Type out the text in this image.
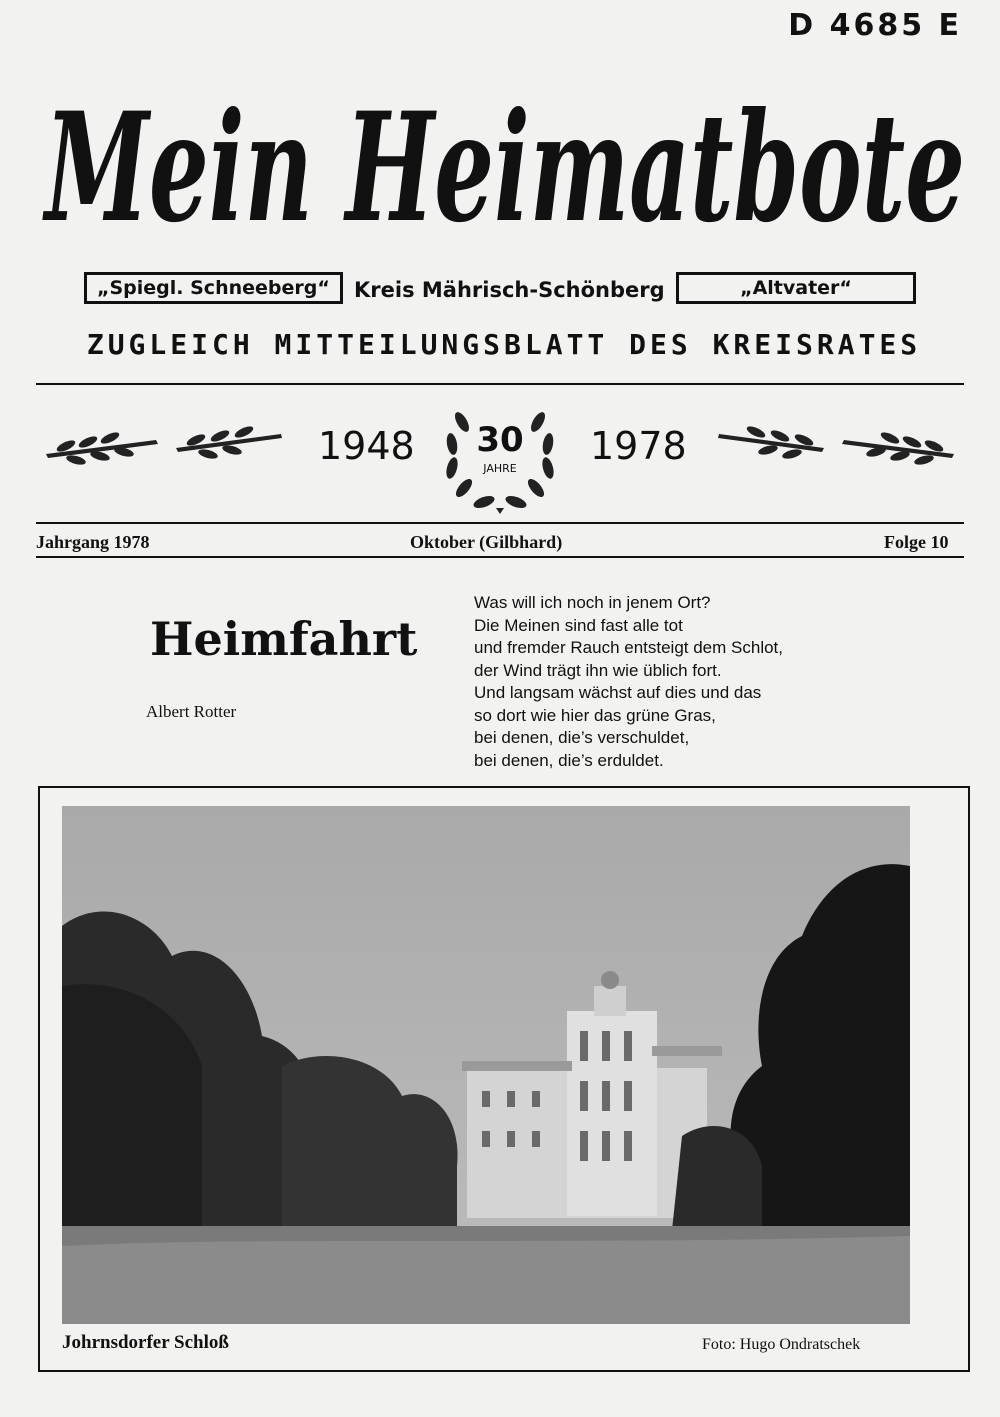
D 4685 E
Mein Heimatbote
„Spiegl. Schneeberg“	Kreis Mährisch-Schönberg	„Altvater“
ZUGLEICH MITTEILUNGSBLATT DES KREISRATES
1948	30
JAHRE
1978
Jahrgang 1978	Oktober (Gilbhard)	Folge 10
Heimfahrt
Albert Rotter
Was will ich noch in jenem Ort?
Die Meinen sind fast alle tot
und fremder Rauch entsteigt dem Schlot,
der Wind trägt ihn wie üblich fort.
Und langsam wächst auf dies und das
so dort wie hier das grüne Gras,
bei denen, die’s verschuldet,
bei denen, die’s erduldet.
Johrnsdorfer Schloß	Foto: Hugo Ondratschek
